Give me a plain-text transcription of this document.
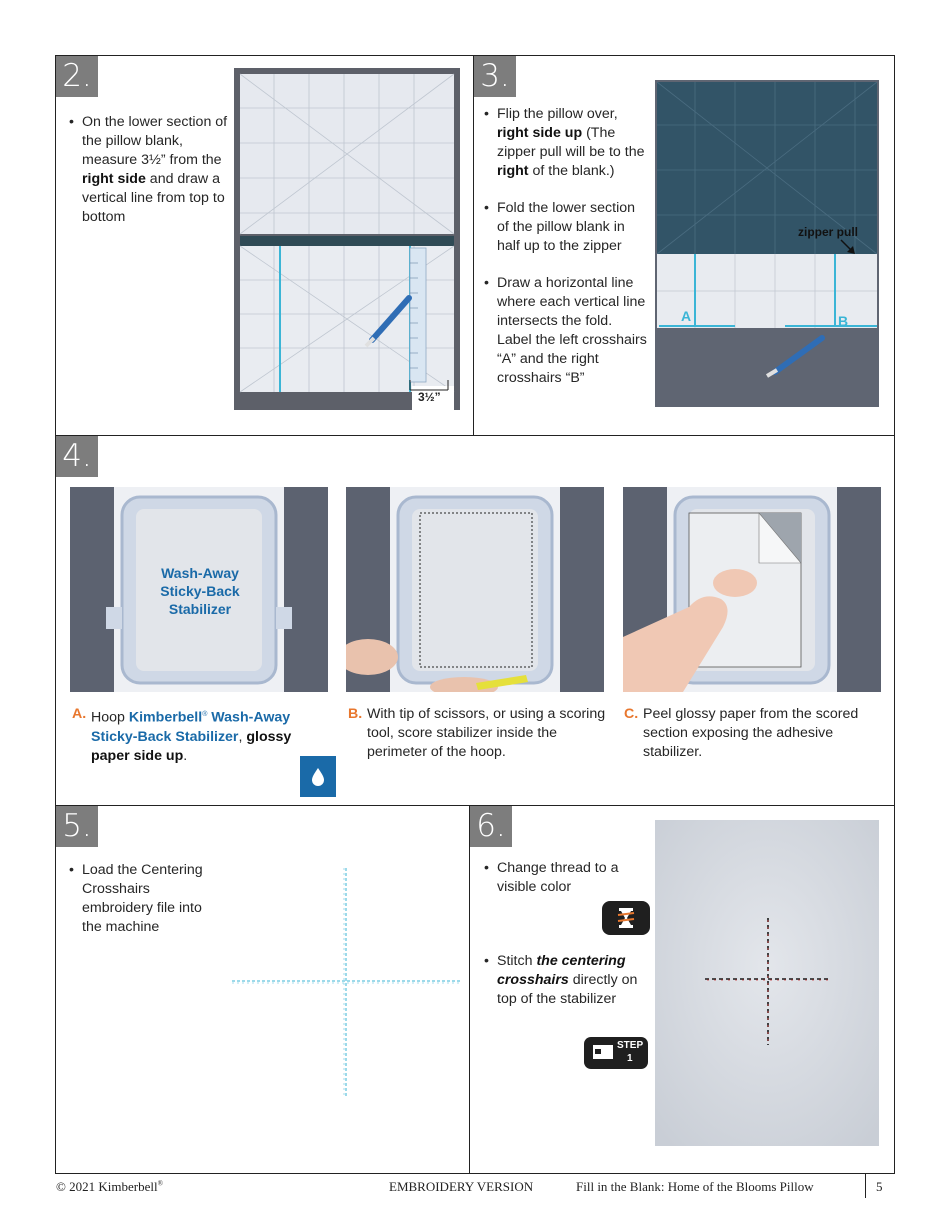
2.
• On the lower section of the pillow blank, measure 3½” from the right side and draw a vertical line from top to bottom
3½”
3.
• Flip the pillow over, right side up (The zipper pull will be to the right of the blank.)
• Fold the lower section of the pillow blank in half up to the zipper
• Draw a horizontal line where each vertical line intersects the fold. Label the left crosshairs “A” and the right crosshairs “B”
zipper pull
A	B
4.
Wash-Away Sticky-Back Stabilizer
A. Hoop Kimberbell® Wash-Away Sticky-Back Stabilizer, glossy paper side up.
B. With tip of scissors, or using a scoring tool, score stabilizer inside the perimeter of the hoop.
C. Peel glossy paper from the scored section exposing the adhesive stabilizer.
5.
• Load the Centering Crosshairs embroidery file into the machine
6.
• Change thread to a visible color
• Stitch the centering crosshairs directly on top of the stabilizer
STEP
1
© 2021 Kimberbell®	EMBROIDERY VERSION	Fill in the Blank: Home of the Blooms Pillow	5
